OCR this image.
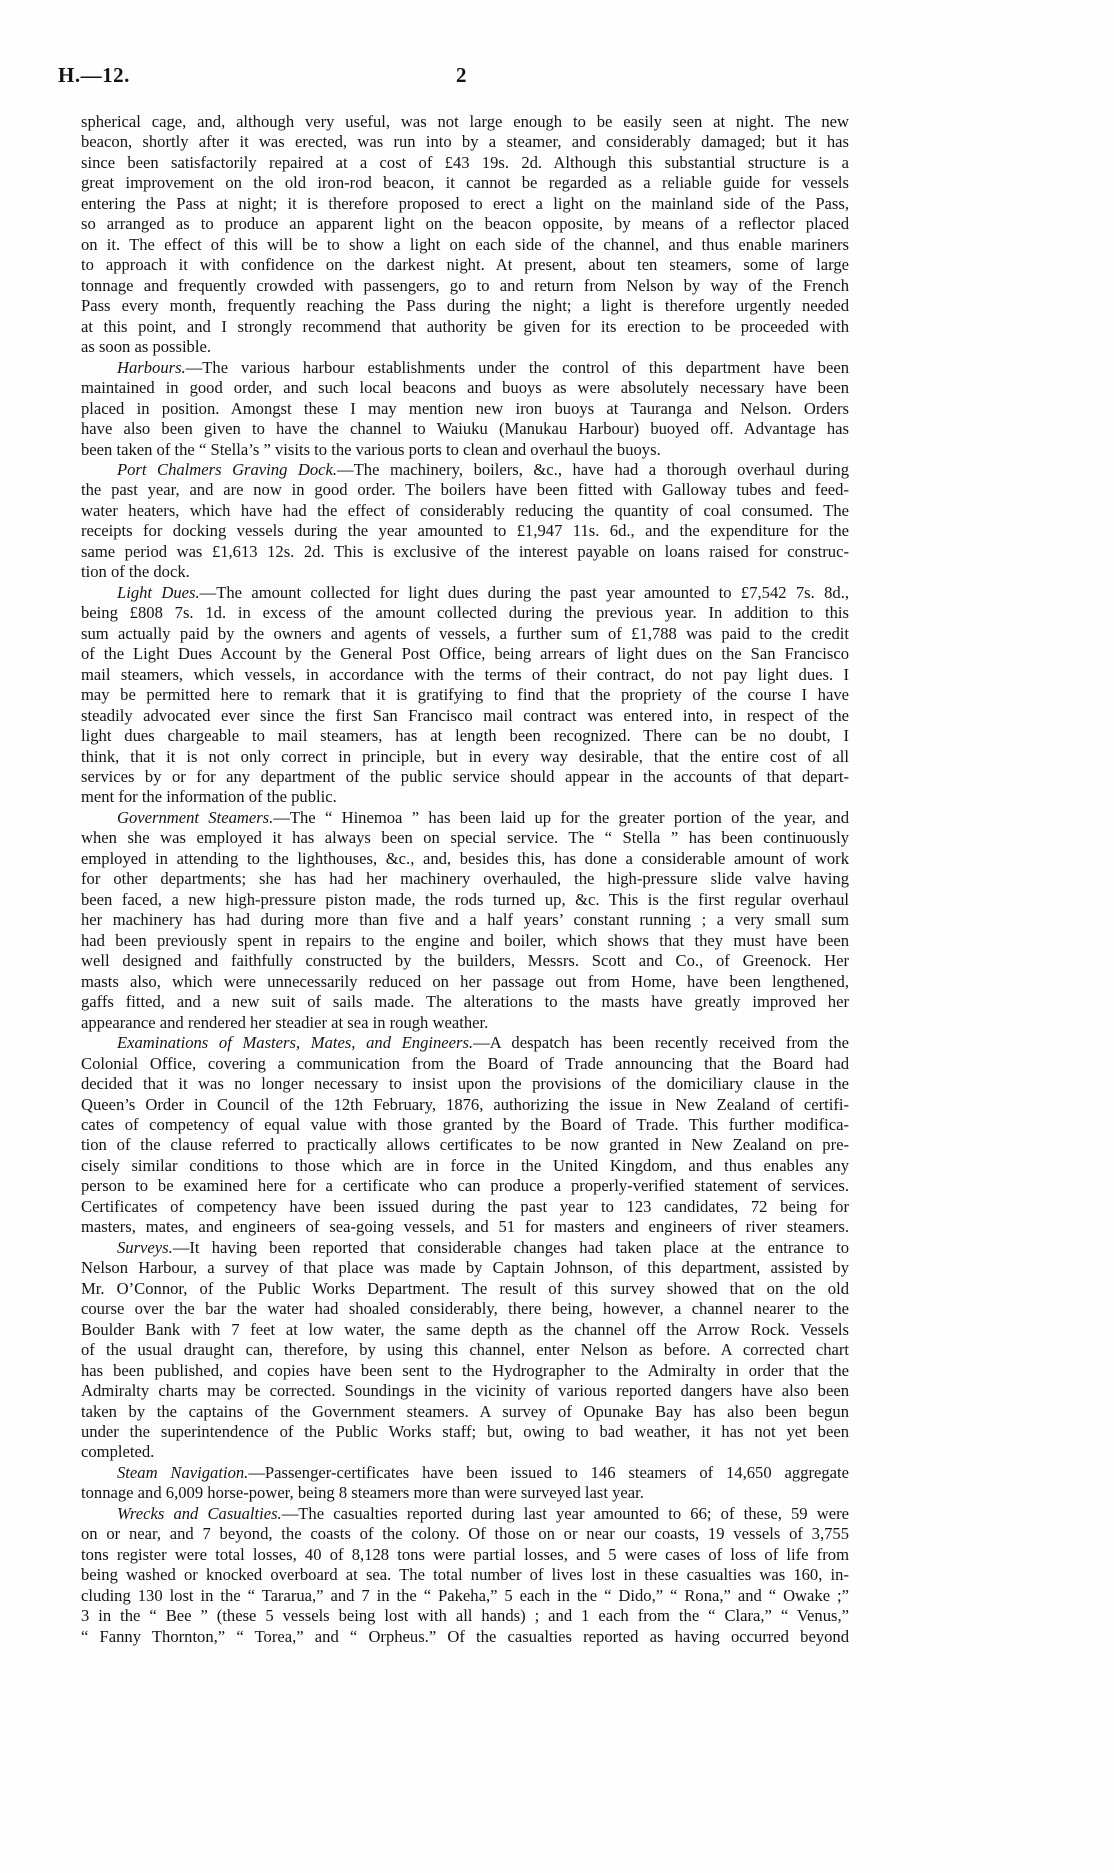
H.—12.	2
spherical cage, and, although very useful, was not large enough to be easily seen at night. The new
beacon, shortly after it was erected, was run into by a steamer, and considerably damaged; but it has
since been satisfactorily repaired at a cost of £43 19s. 2d. Although this substantial structure is a
great improvement on the old iron-rod beacon, it cannot be regarded as a reliable guide for vessels
entering the Pass at night; it is therefore proposed to erect a light on the mainland side of the Pass,
so arranged as to produce an apparent light on the beacon opposite, by means of a reflector placed
on it. The effect of this will be to show a light on each side of the channel, and thus enable mariners
to approach it with confidence on the darkest night. At present, about ten steamers, some of large
tonnage and frequently crowded with passengers, go to and return from Nelson by way of the French
Pass every month, frequently reaching the Pass during the night; a light is therefore urgently needed
at this point, and I strongly recommend that authority be given for its erection to be proceeded with
as soon as possible.
Harbours.—The various harbour establishments under the control of this department have been
maintained in good order, and such local beacons and buoys as were absolutely necessary have been
placed in position. Amongst these I may mention new iron buoys at Tauranga and Nelson. Orders
have also been given to have the channel to Waiuku (Manukau Harbour) buoyed off. Advantage has
been taken of the “ Stella’s ” visits to the various ports to clean and overhaul the buoys.
Port Chalmers Graving Dock.—The machinery, boilers, &c., have had a thorough overhaul during
the past year, and are now in good order. The boilers have been fitted with Galloway tubes and feed-
water heaters, which have had the effect of considerably reducing the quantity of coal consumed. The
receipts for docking vessels during the year amounted to £1,947 11s. 6d., and the expenditure for the
same period was £1,613 12s. 2d. This is exclusive of the interest payable on loans raised for construc-
tion of the dock.
Light Dues.—The amount collected for light dues during the past year amounted to £7,542 7s. 8d.,
being £808 7s. 1d. in excess of the amount collected during the previous year. In addition to this
sum actually paid by the owners and agents of vessels, a further sum of £1,788 was paid to the credit
of the Light Dues Account by the General Post Office, being arrears of light dues on the San Francisco
mail steamers, which vessels, in accordance with the terms of their contract, do not pay light dues. I
may be permitted here to remark that it is gratifying to find that the propriety of the course I have
steadily advocated ever since the first San Francisco mail contract was entered into, in respect of the
light dues chargeable to mail steamers, has at length been recognized. There can be no doubt, I
think, that it is not only correct in principle, but in every way desirable, that the entire cost of all
services by or for any department of the public service should appear in the accounts of that depart-
ment for the information of the public.
Government Steamers.—The “ Hinemoa ” has been laid up for the greater portion of the year, and
when she was employed it has always been on special service. The “ Stella ” has been continuously
employed in attending to the lighthouses, &c., and, besides this, has done a considerable amount of work
for other departments; she has had her machinery overhauled, the high-pressure slide valve having
been faced, a new high-pressure piston made, the rods turned up, &c. This is the first regular overhaul
her machinery has had during more than five and a half years’ constant running ; a very small sum
had been previously spent in repairs to the engine and boiler, which shows that they must have been
well designed and faithfully constructed by the builders, Messrs. Scott and Co., of Greenock. Her
masts also, which were unnecessarily reduced on her passage out from Home, have been lengthened,
gaffs fitted, and a new suit of sails made. The alterations to the masts have greatly improved her
appearance and rendered her steadier at sea in rough weather.
Examinations of Masters, Mates, and Engineers.—A despatch has been recently received from the
Colonial Office, covering a communication from the Board of Trade announcing that the Board had
decided that it was no longer necessary to insist upon the provisions of the domiciliary clause in the
Queen’s Order in Council of the 12th February, 1876, authorizing the issue in New Zealand of certifi-
cates of competency of equal value with those granted by the Board of Trade. This further modifica-
tion of the clause referred to practically allows certificates to be now granted in New Zealand on pre-
cisely similar conditions to those which are in force in the United Kingdom, and thus enables any
person to be examined here for a certificate who can produce a properly-verified statement of services.
Certificates of competency have been issued during the past year to 123 candidates, 72 being for
masters, mates, and engineers of sea-going vessels, and 51 for masters and engineers of river steamers.
Surveys.—It having been reported that considerable changes had taken place at the entrance to
Nelson Harbour, a survey of that place was made by Captain Johnson, of this department, assisted by
Mr. O’Connor, of the Public Works Department. The result of this survey showed that on the old
course over the bar the water had shoaled considerably, there being, however, a channel nearer to the
Boulder Bank with 7 feet at low water, the same depth as the channel off the Arrow Rock. Vessels
of the usual draught can, therefore, by using this channel, enter Nelson as before. A corrected chart
has been published, and copies have been sent to the Hydrographer to the Admiralty in order that the
Admiralty charts may be corrected. Soundings in the vicinity of various reported dangers have also been
taken by the captains of the Government steamers. A survey of Opunake Bay has also been begun
under the superintendence of the Public Works staff; but, owing to bad weather, it has not yet been
completed.
Steam Navigation.—Passenger-certificates have been issued to 146 steamers of 14,650 aggregate
tonnage and 6,009 horse-power, being 8 steamers more than were surveyed last year.
Wrecks and Casualties.—The casualties reported during last year amounted to 66; of these, 59 were
on or near, and 7 beyond, the coasts of the colony. Of those on or near our coasts, 19 vessels of 3,755
tons register were total losses, 40 of 8,128 tons were partial losses, and 5 were cases of loss of life from
being washed or knocked overboard at sea. The total number of lives lost in these casualties was 160, in-
cluding 130 lost in the “ Tararua,” and 7 in the “ Pakeha,” 5 each in the “ Dido,” “ Rona,” and “ Owake ;”
3 in the “ Bee ” (these 5 vessels being lost with all hands) ; and 1 each from the “ Clara,” “ Venus,”
“ Fanny Thornton,” “ Torea,” and “ Orpheus.” Of the casualties reported as having occurred beyond
